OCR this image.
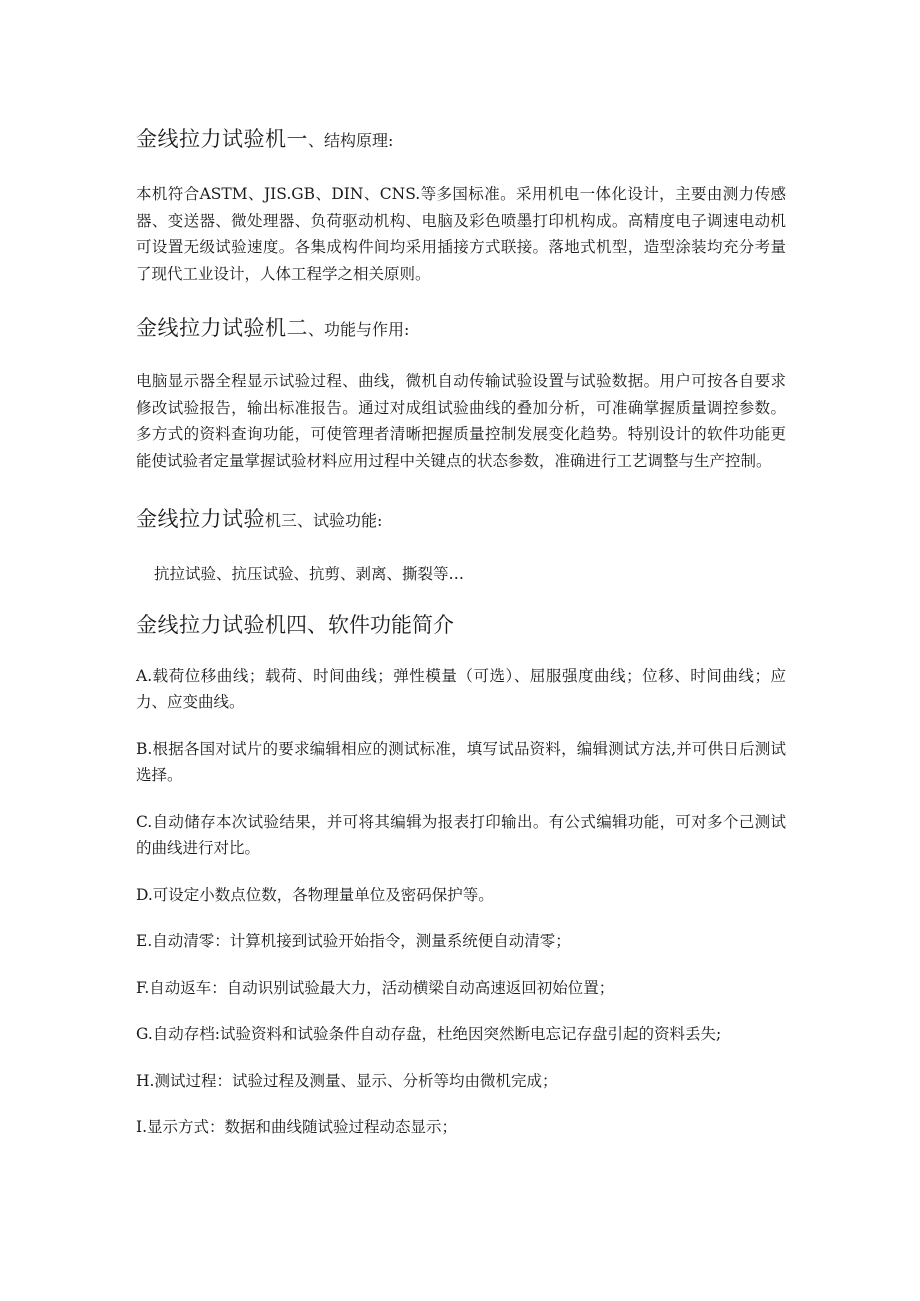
金线拉力试验机一、结构原理:

本机符合ASTM、JIS.GB、DIN、CNS.等多国标准。采用机电一体化设计，主要由测力传感器、变送器、微处理器、负荷驱动机构、电脑及彩色喷墨打印机构成。高精度电子调速电动机可设置无级试验速度。各集成构件间均采用插接方式联接。落地式机型，造型涂装均充分考量了现代工业设计，人体工程学之相关原则。

金线拉力试验机二、功能与作用:

电脑显示器全程显示试验过程、曲线，微机自动传输试验设置与试验数据。用户可按各自要求修改试验报告，输出标准报告。通过对成组试验曲线的叠加分析，可准确掌握质量调控参数。多方式的资料查询功能，可使管理者清晰把握质量控制发展变化趋势。特别设计的软件功能更能使试验者定量掌握试验材料应用过程中关键点的状态参数，准确进行工艺调整与生产控制。

金线拉力试验机三、试验功能:

抗拉试验、抗压试验、抗剪、剥离、撕裂等…

金线拉力试验机四、软件功能简介

A.载荷位移曲线；载荷、时间曲线；弹性模量（可选）、屈服强度曲线；位移、时间曲线；应力、应变曲线。

B.根据各国对试片的要求编辑相应的测试标准，填写试品资料，编辑测试方法,并可供日后测试选择。

C.自动储存本次试验结果，并可将其编辑为报表打印输出。有公式编辑功能，可对多个己测试的曲线进行对比。

D.可设定小数点位数，各物理量单位及密码保护等。

E.自动清零：计算机接到试验开始指令，测量系统便自动清零；

F.自动返车：自动识别试验最大力，活动横梁自动高速返回初始位置；

G.自动存档:试验资料和试验条件自动存盘，杜绝因突然断电忘记存盘引起的资料丢失;

H.测试过程：试验过程及测量、显示、分析等均由微机完成；

I.显示方式：数据和曲线随试验过程动态显示；
